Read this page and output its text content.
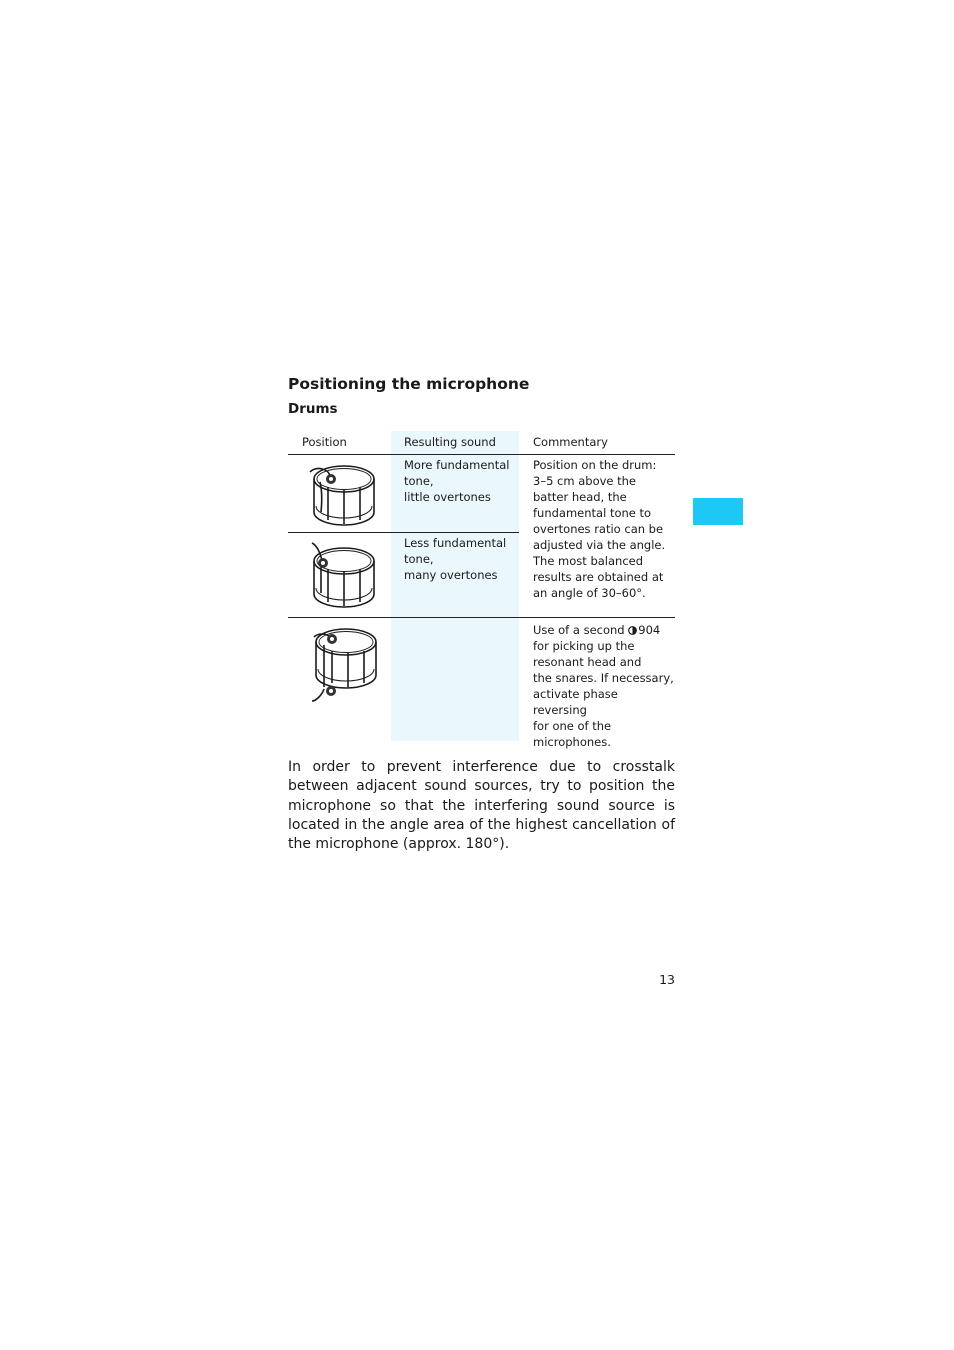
Positioning the microphone
Drums
Position	Resulting sound	Commentary
More fundamental
tone,
little overtones
Less fundamental
tone,
many overtones
Position on the drum:
3–5 cm above the
batter head, the
fundamental tone to
overtones ratio can be
adjusted via the angle.
The most balanced
results are obtained at
an angle of 30–60°.
Use of a second 904
for picking up the
resonant head and
the snares. If necessary,
activate phase reversing
for one of the
microphones.

In order to prevent interference due to crosstalk between adjacent sound sources, try to position the microphone so that the interfering sound source is located in the angle area of the highest cancellation of the microphone (approx. 180°).

13
